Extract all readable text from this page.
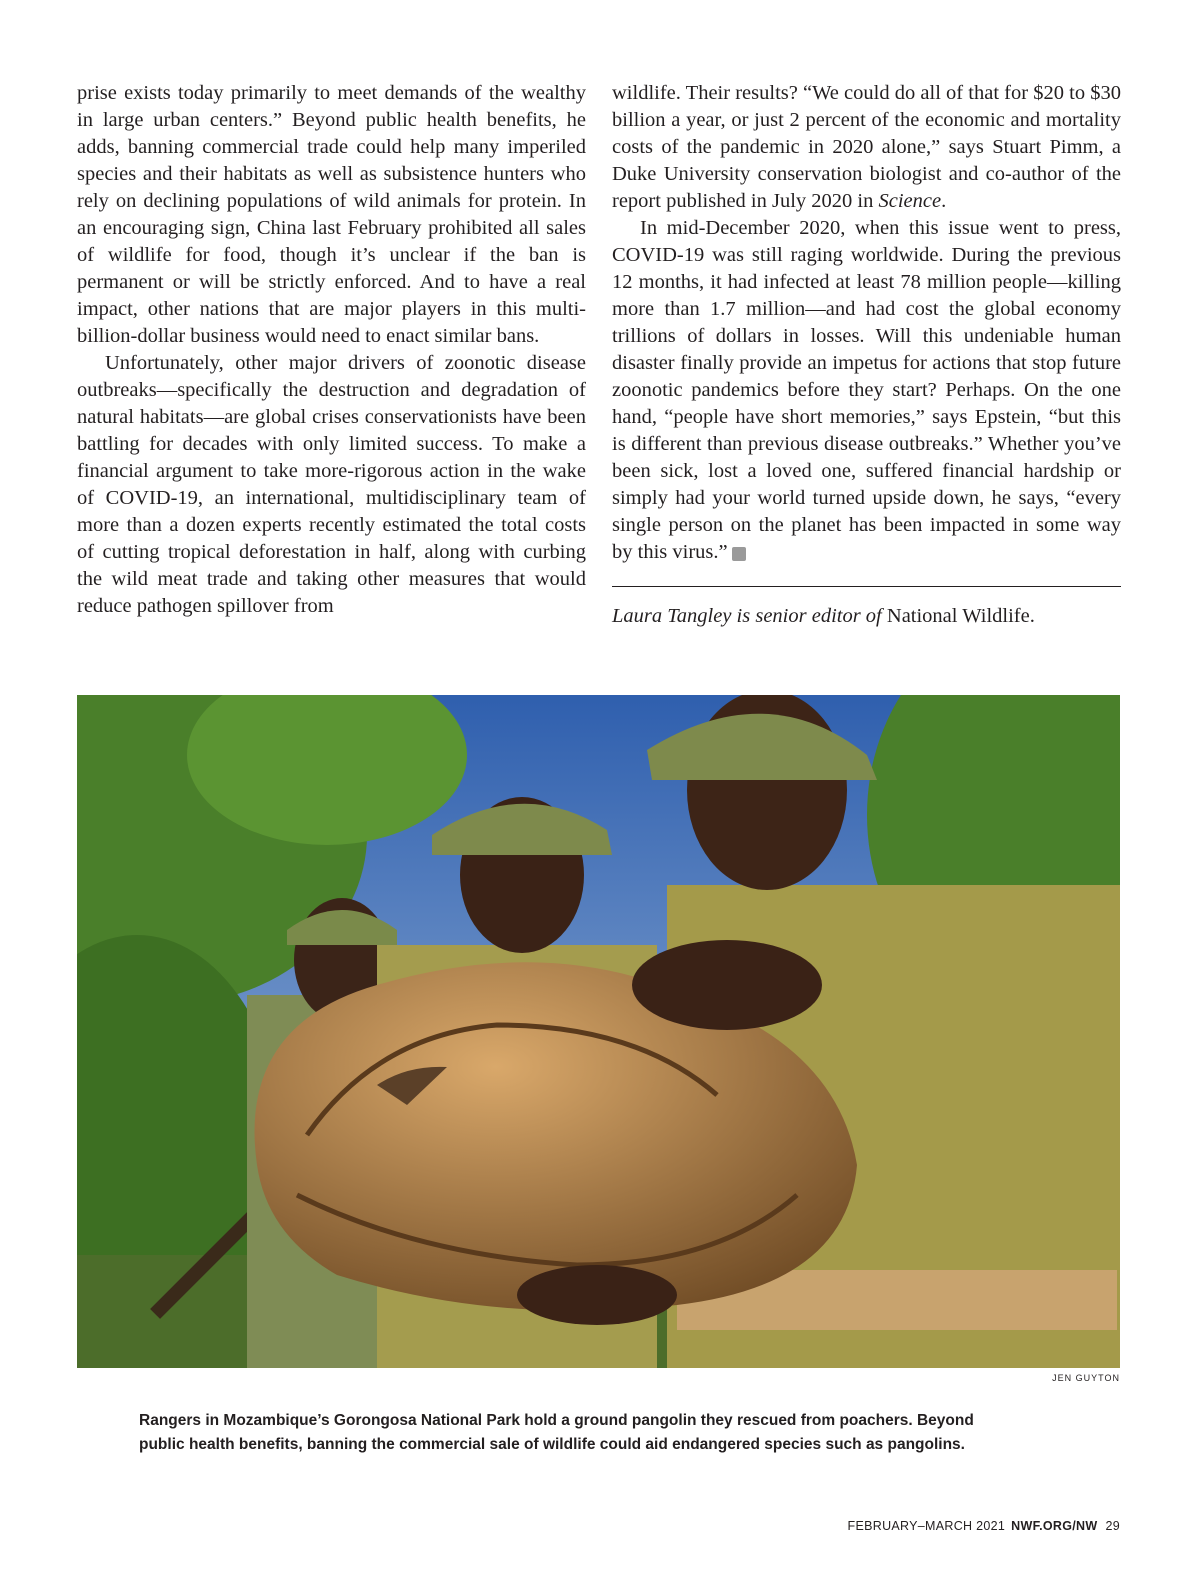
prise exists today primarily to meet demands of the wealthy in large urban centers.” Beyond public health benefits, he adds, banning commercial trade could help many imperiled species and their habitats as well as subsistence hunters who rely on declining populations of wild animals for protein. In an encouraging sign, China last February prohibited all sales of wildlife for food, though it’s unclear if the ban is permanent or will be strictly enforced. And to have a real impact, other nations that are major players in this multi-billion-dollar business would need to enact similar bans.

Unfortunately, other major drivers of zoonotic disease outbreaks—specifically the destruction and degradation of natural habitats—are global crises conservationists have been battling for decades with only limited success. To make a financial argument to take more-rigorous action in the wake of COVID-19, an international, multidisciplinary team of more than a dozen experts recently estimated the total costs of cutting tropical deforestation in half, along with curbing the wild meat trade and taking other measures that would reduce pathogen spillover from

wildlife. Their results? “We could do all of that for $20 to $30 billion a year, or just 2 percent of the economic and mortality costs of the pandemic in 2020 alone,” says Stuart Pimm, a Duke University conservation biologist and co-author of the report published in July 2020 in Science.

In mid-December 2020, when this issue went to press, COVID-19 was still raging worldwide. During the previous 12 months, it had infected at least 78 million people—killing more than 1.7 million—and had cost the global economy trillions of dollars in losses. Will this undeniable human disaster finally provide an impetus for actions that stop future zoonotic pandemics before they start? Perhaps. On the one hand, “people have short memories,” says Epstein, “but this is different than previous disease outbreaks.” Whether you’ve been sick, lost a loved one, suffered financial hardship or simply had your world turned upside down, he says, “every single person on the planet has been impacted in some way by this virus.”	W

Laura Tangley is senior editor of National Wildlife.

JEN GUYTON

Rangers in Mozambique’s Gorongosa National Park hold a ground pangolin they rescued from poachers. Beyond

public health benefits, banning the commercial sale of wildlife could aid endangered species such as pangolins.

FEBRUARY–MARCH 2021 NWF.ORG/NW 29
